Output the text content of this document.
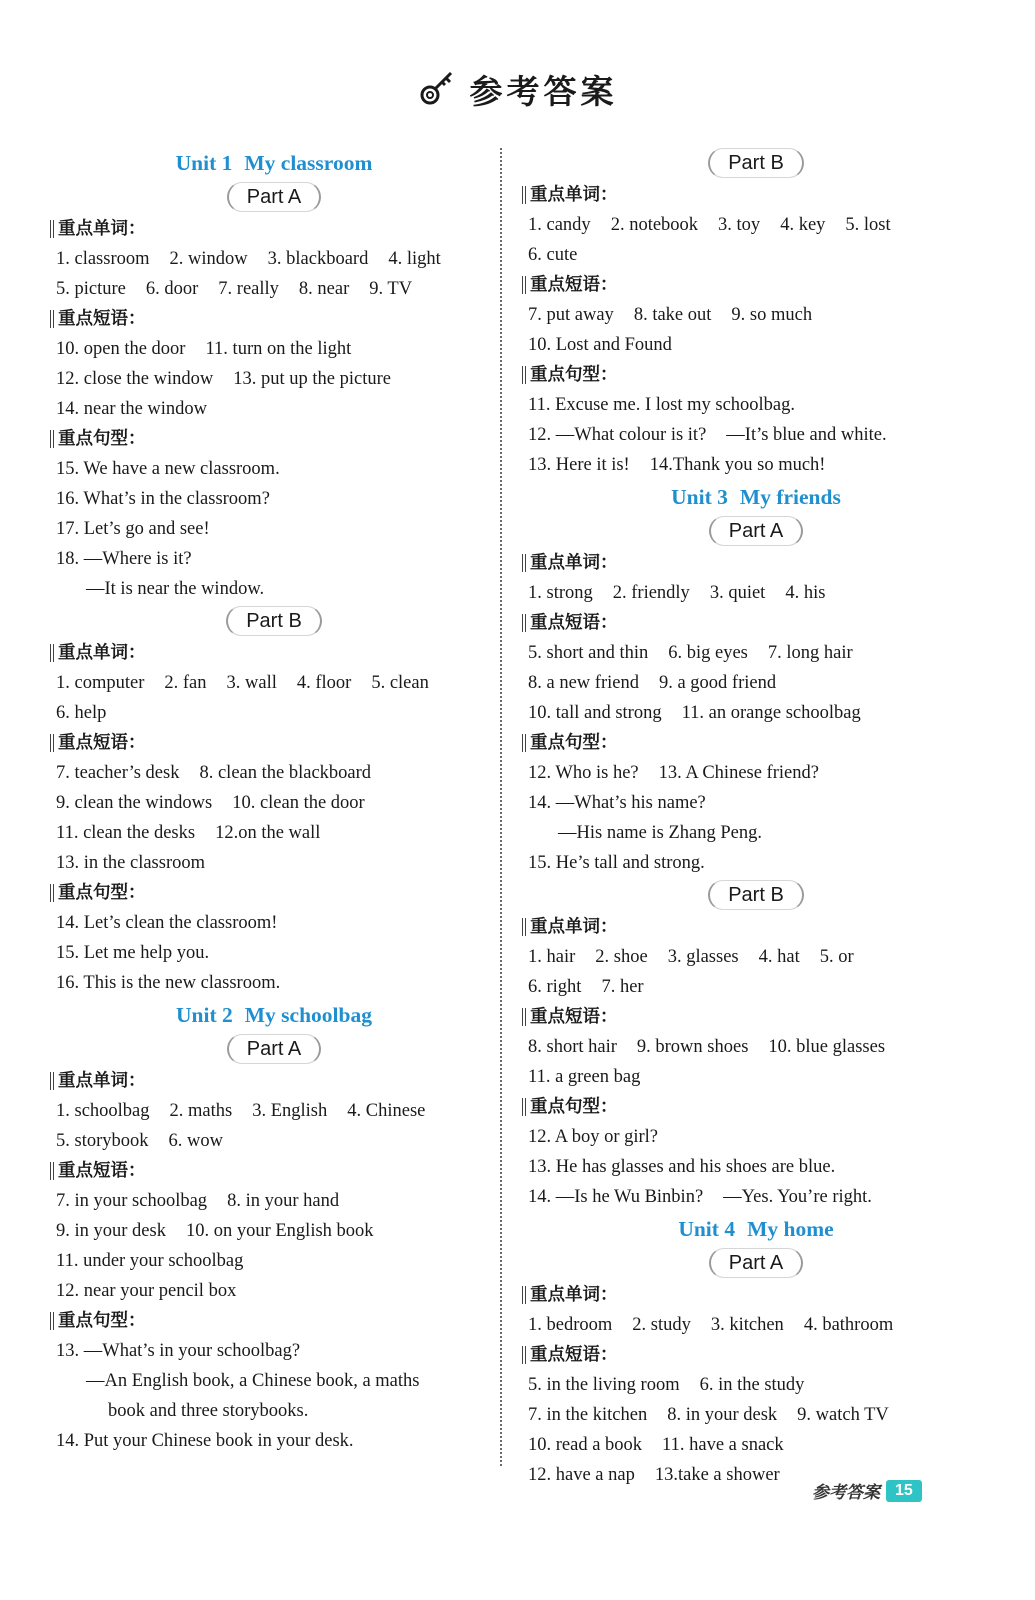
参考答案
Unit 1 My classroom
Part A
重点单词：
1. classroom 2. window 3. blackboard 4. light
5. picture 6. door 7. really 8. near 9. TV
重点短语：
10. open the door 11. turn on the light
12. close the window 13. put up the picture
14. near the window
重点句型：
15. We have a new classroom.
16. What’s in the classroom?
17. Let’s go and see!
18. —Where is it?
—It is near the window.
Part B
重点单词：
1. computer 2. fan 3. wall 4. floor 5. clean
6. help
重点短语：
7. teacher’s desk 8. clean the blackboard
9. clean the windows 10. clean the door
11. clean the desks 12.on the wall
13. in the classroom
重点句型：
14. Let’s clean the classroom!
15. Let me help you.
16. This is the new classroom.
Unit 2 My schoolbag
Part A
重点单词：
1. schoolbag 2. maths 3. English 4. Chinese
5. storybook 6. wow
重点短语：
7. in your schoolbag 8. in your hand
9. in your desk 10. on your English book
11. under your schoolbag
12. near your pencil box
重点句型：
13. —What’s in your schoolbag?
—An English book, a Chinese book, a maths
book and three storybooks.
14. Put your Chinese book in your desk.
Part B
重点单词：
1. candy 2. notebook 3. toy 4. key 5. lost
6. cute
重点短语：
7. put away 8. take out 9. so much
10. Lost and Found
重点句型：
11. Excuse me. I lost my schoolbag.
12. —What colour is it? —It’s blue and white.
13. Here it is! 14.Thank you so much!
Unit 3 My friends
Part A
重点单词：
1. strong 2. friendly 3. quiet 4. his
重点短语：
5. short and thin 6. big eyes 7. long hair
8. a new friend 9. a good friend
10. tall and strong 11. an orange schoolbag
重点句型：
12. Who is he? 13. A Chinese friend?
14. —What’s his name?
—His name is Zhang Peng.
15. He’s tall and strong.
Part B
重点单词：
1. hair 2. shoe 3. glasses 4. hat 5. or
6. right 7. her
重点短语：
8. short hair 9. brown shoes 10. blue glasses
11. a green bag
重点句型：
12. A boy or girl?
13. He has glasses and his shoes are blue.
14. —Is he Wu Binbin? —Yes. You’re right.
Unit 4 My home
Part A
重点单词：
1. bedroom 2. study 3. kitchen 4. bathroom
重点短语：
5. in the living room 6. in the study
7. in the kitchen 8. in your desk 9. watch TV
10. read a book 11. have a snack
12. have a nap 13.take a shower
参考答案 15
